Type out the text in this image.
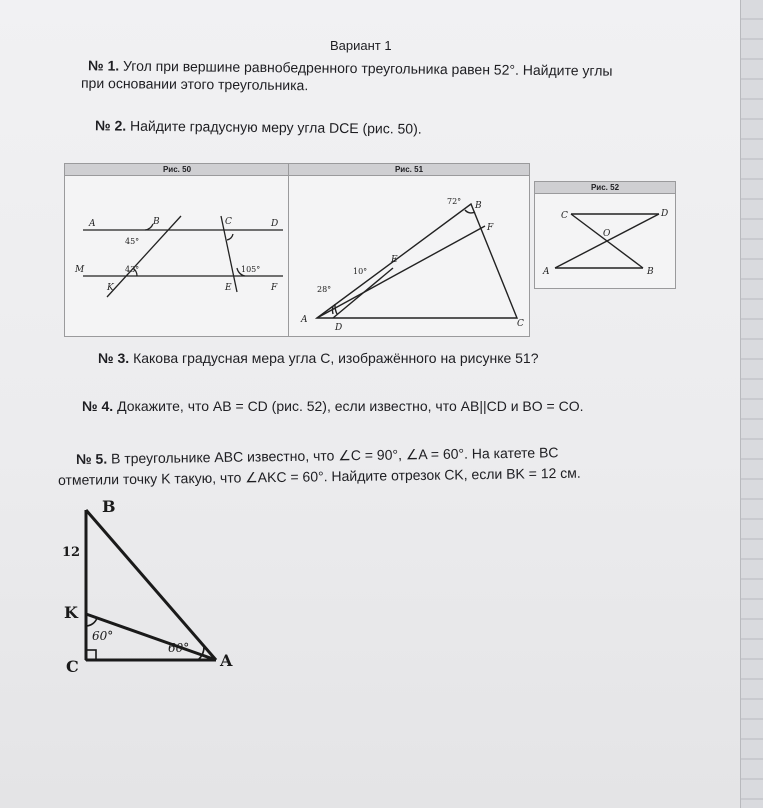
Вариант 1
№ 1. Угол при вершине равнобедренного треугольника равен 52°. Найдите углы
при основании этого треугольника.
№ 2. Найдите градусную меру угла DCE (рис. 50).
Рис. 50
A	B	C	D
M
K	E	F
45°
43°	105°
Рис. 51
A
B
C
D
E
F
72°
10°
28°
Рис. 52
C	D
O
A	B
№ 3. Какова градусная мера угла C, изображённого на рисунке 51?
№ 4. Докажите, что AB = CD (рис. 52), если известно, что AB||CD и BO = CO.
№ 5. В треугольнике ABC известно, что ∠C = 90°, ∠A = 60°. На катете BC
отметили точку K такую, что ∠AKC = 60°. Найдите отрезок CK, если BK = 12 см.
B
K
C	A
12
60°
60°
